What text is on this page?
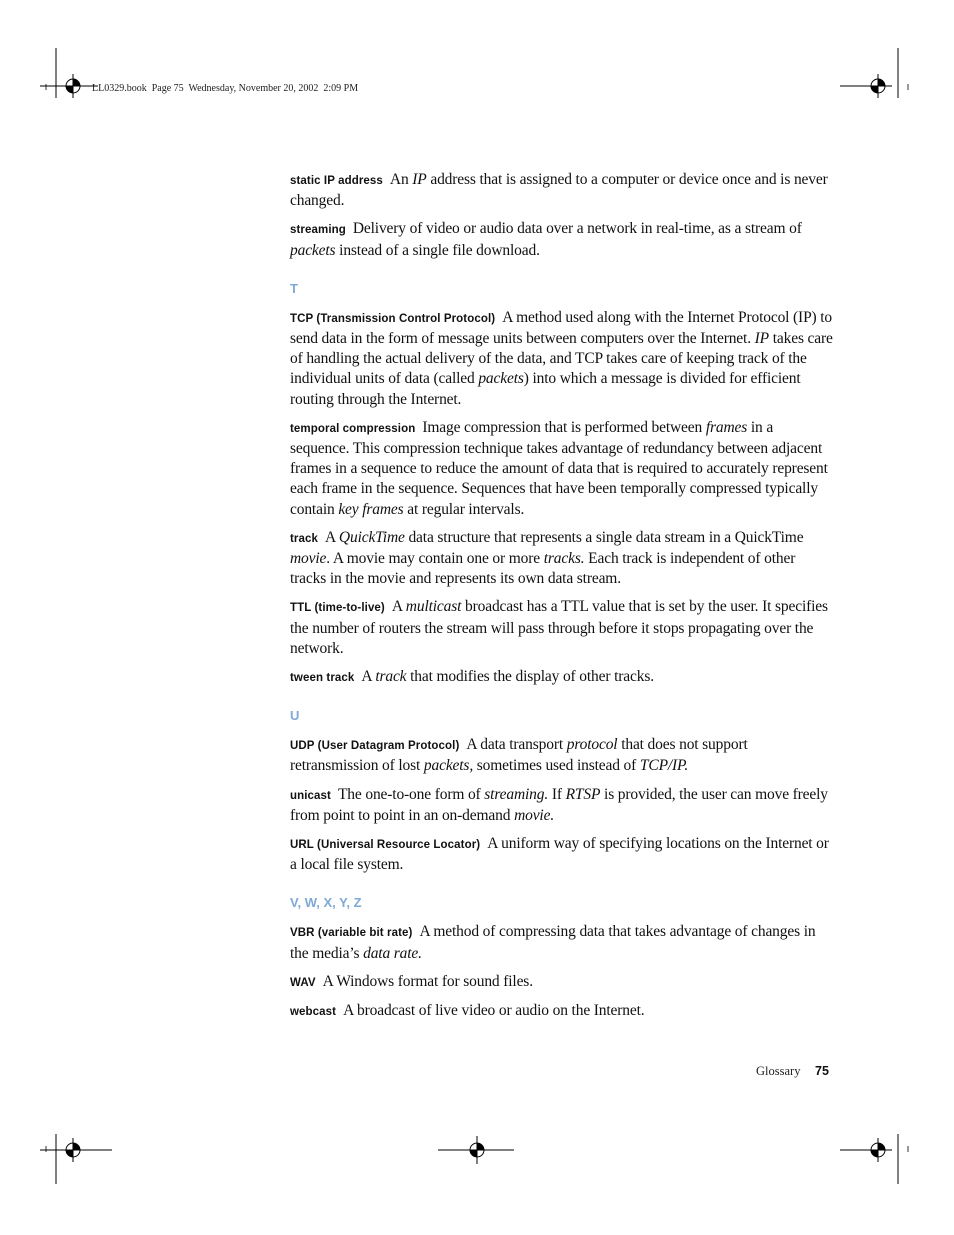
LL0329.book  Page 75  Wednesday, November 20, 2002  2:09 PM

static IP address An IP address that is assigned to a computer or device once and is never changed.

streaming Delivery of video or audio data over a network in real-time, as a stream of packets instead of a single file download.

T

TCP (Transmission Control Protocol) A method used along with the Internet Protocol (IP) to send data in the form of message units between computers over the Internet. IP takes care of handling the actual delivery of the data, and TCP takes care of keeping track of the individual units of data (called packets) into which a message is divided for efficient routing through the Internet.

temporal compression Image compression that is performed between frames in a sequence. This compression technique takes advantage of redundancy between adjacent frames in a sequence to reduce the amount of data that is required to accurately represent each frame in the sequence. Sequences that have been temporally compressed typically contain key frames at regular intervals.

track A QuickTime data structure that represents a single data stream in a QuickTime movie. A movie may contain one or more tracks. Each track is independent of other tracks in the movie and represents its own data stream.

TTL (time-to-live) A multicast broadcast has a TTL value that is set by the user. It specifies the number of routers the stream will pass through before it stops propagating over the network.

tween track A track that modifies the display of other tracks.

U

UDP (User Datagram Protocol) A data transport protocol that does not support retransmission of lost packets, sometimes used instead of TCP/IP.

unicast The one-to-one form of streaming. If RTSP is provided, the user can move freely from point to point in an on-demand movie.

URL (Universal Resource Locator) A uniform way of specifying locations on the Internet or a local file system.

V, W, X, Y, Z

VBR (variable bit rate) A method of compressing data that takes advantage of changes in the media’s data rate.

WAV A Windows format for sound files.

webcast A broadcast of live video or audio on the Internet.

Glossary 75
